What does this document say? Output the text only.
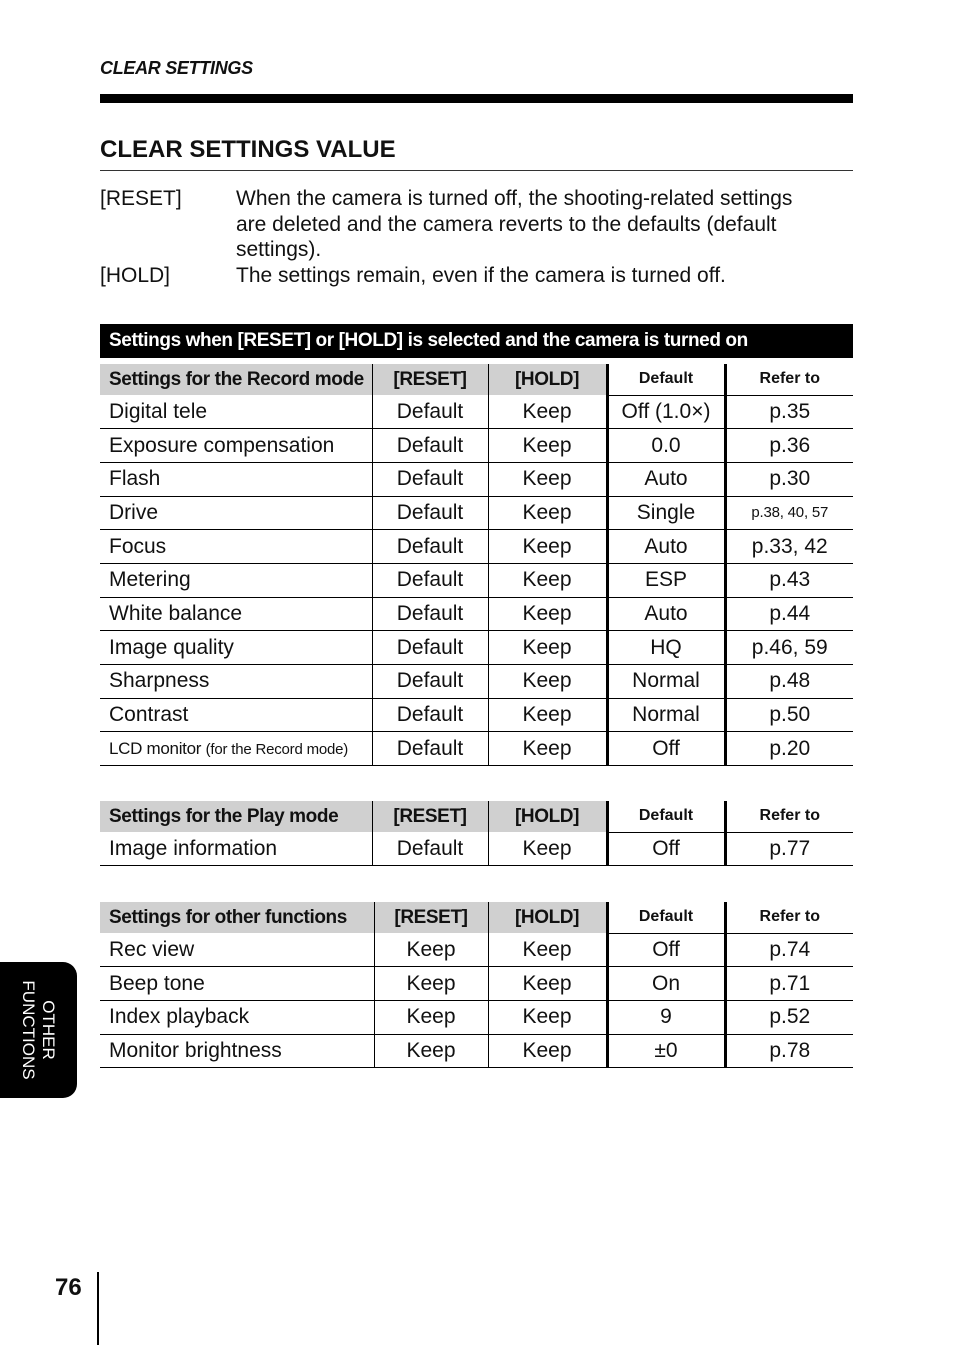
CLEAR SETTINGS
CLEAR SETTINGS VALUE
[RESET]	When the camera is turned off, the shooting-related settings
are deleted and the camera reverts to the defaults (default
settings).
[HOLD]	The settings remain, even if the camera is turned off.
Settings when [RESET] or [HOLD] is selected and the camera is turned on
Settings for the Record mode	[RESET]	[HOLD]	Default	Refer to
Digital tele	Default	Keep	Off (1.0×)	p.35
Exposure compensation	Default	Keep	0.0	p.36
Flash	Default	Keep	Auto	p.30
Drive	Default	Keep	Single	p.38, 40, 57
Focus	Default	Keep	Auto	p.33, 42
Metering	Default	Keep	ESP	p.43
White balance	Default	Keep	Auto	p.44
Image quality	Default	Keep	HQ	p.46, 59
Sharpness	Default	Keep	Normal	p.48
Contrast	Default	Keep	Normal	p.50
LCD monitor (for the Record mode)	Default	Keep	Off	p.20
Settings for the Play mode	[RESET]	[HOLD]	Default	Refer to
Image information	Default	Keep	Off	p.77
Settings for other functions	[RESET]	[HOLD]	Default	Refer to
Rec view	Keep	Keep	Off	p.74
Beep tone	Keep	Keep	On	p.71
Index playback	Keep	Keep	9	p.52
Monitor brightness	Keep	Keep	±0	p.78
OTHER
FUNCTIONS
76
